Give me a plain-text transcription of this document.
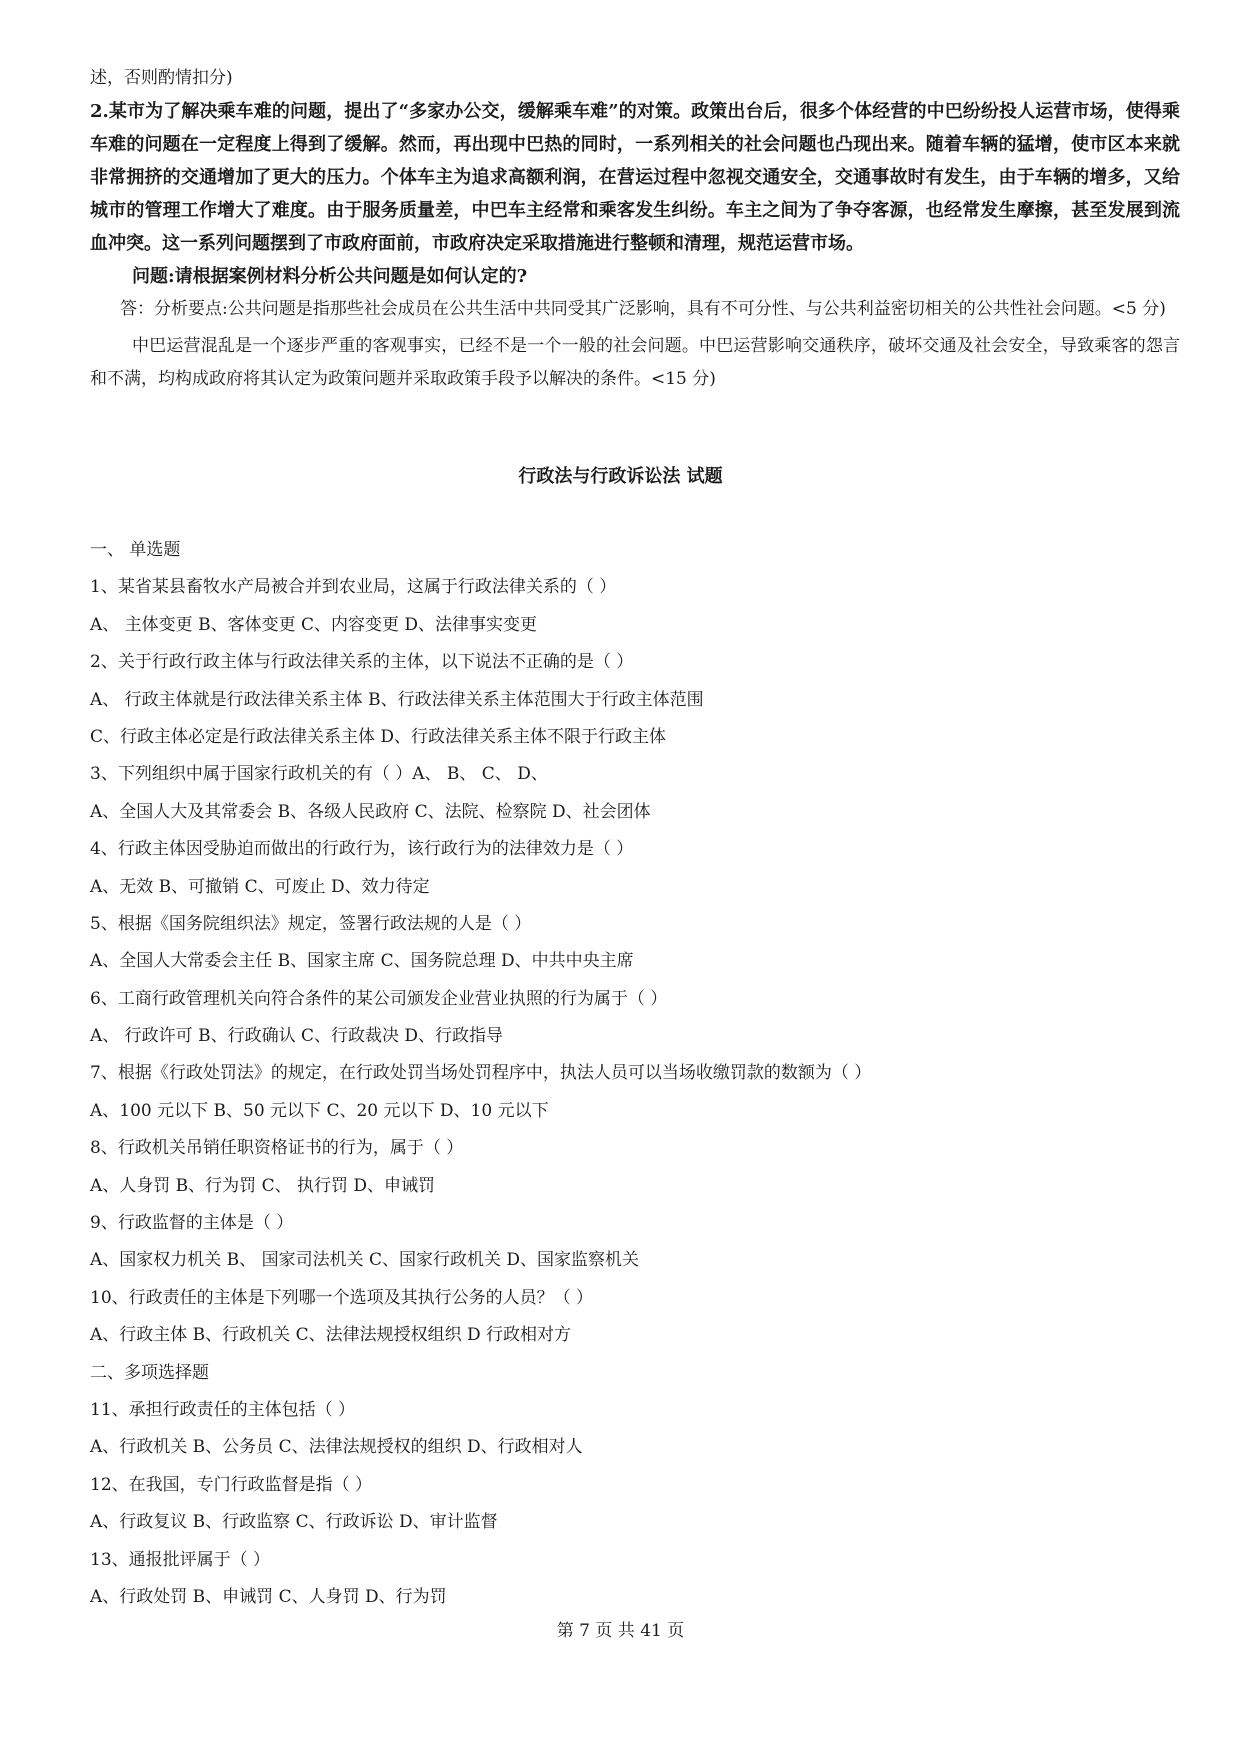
述，否则酌情扣分)

2.某市为了解决乘车难的问题，提出了“多家办公交，缓解乘车难”的对策。政策出台后，很多个体经营的中巴纷纷投人运营市场，使得乘车难的问题在一定程度上得到了缓解。然而，再出现中巴热的同时，一系列相关的社会问题也凸现出来。随着车辆的猛增，使市区本来就非常拥挤的交通增加了更大的压力。个体车主为追求高额利润，在营运过程中忽视交通安全，交通事故时有发生，由于车辆的增多，又给城市的管理工作增大了难度。由于服务质量差，中巴车主经常和乘客发生纠纷。车主之间为了争夺客源，也经常发生摩擦，甚至发展到流血冲突。这一系列问题摆到了市政府面前，市政府决定采取措施进行整顿和清理，规范运营市场。

问题:请根据案例材料分析公共问题是如何认定的?

答：分析要点:公共问题是指那些社会成员在公共生活中共同受其广泛影响，具有不可分性、与公共利益密切相关的公共性社会问题。<5 分)

中巴运营混乱是一个逐步严重的客观事实，已经不是一个一般的社会问题。中巴运营影响交通秩序，破坏交通及社会安全，导致乘客的怨言和不满，均构成政府将其认定为政策问题并采取政策手段予以解决的条件。<15 分)

行政法与行政诉讼法 试题

一、 单选题

1、某省某县畜牧水产局被合并到农业局，这属于行政法律关系的（ ）

A、 主体变更 B、客体变更 C、内容变更 D、法律事实变更

2、关于行政行政主体与行政法律关系的主体，以下说法不正确的是（ ）

A、 行政主体就是行政法律关系主体 B、行政法律关系主体范围大于行政主体范围

C、行政主体必定是行政法律关系主体 D、行政法律关系主体不限于行政主体

3、下列组织中属于国家行政机关的有（ ）A、 B、 C、 D、

A、全国人大及其常委会 B、各级人民政府 C、法院、检察院 D、社会团体

4、行政主体因受胁迫而做出的行政行为，该行政行为的法律效力是（ ）

A、无效 B、可撤销 C、可废止 D、效力待定

5、根据《国务院组织法》规定，签署行政法规的人是（ ）

A、全国人大常委会主任 B、国家主席 C、国务院总理 D、中共中央主席

6、工商行政管理机关向符合条件的某公司颁发企业营业执照的行为属于（ ）

A、 行政许可 B、行政确认 C、行政裁决 D、行政指导

7、根据《行政处罚法》的规定，在行政处罚当场处罚程序中，执法人员可以当场收缴罚款的数额为（ ）

A、100 元以下 B、50 元以下 C、20 元以下 D、10 元以下

8、行政机关吊销任职资格证书的行为，属于（ ）

A、人身罚 B、行为罚 C、 执行罚 D、申诫罚

9、行政监督的主体是（ ）

A、国家权力机关 B、 国家司法机关 C、国家行政机关 D、国家监察机关

10、行政责任的主体是下列哪一个选项及其执行公务的人员？（ ）

A、行政主体 B、行政机关 C、法律法规授权组织 D 行政相对方

二、多项选择题

11、承担行政责任的主体包括（ ）

A、行政机关 B、公务员 C、法律法规授权的组织 D、行政相对人

12、在我国，专门行政监督是指（ ）

A、行政复议 B、行政监察 C、行政诉讼 D、审计监督

13、通报批评属于（ ）

A、行政处罚 B、申诫罚 C、人身罚 D、行为罚

第 7 页 共 41 页
